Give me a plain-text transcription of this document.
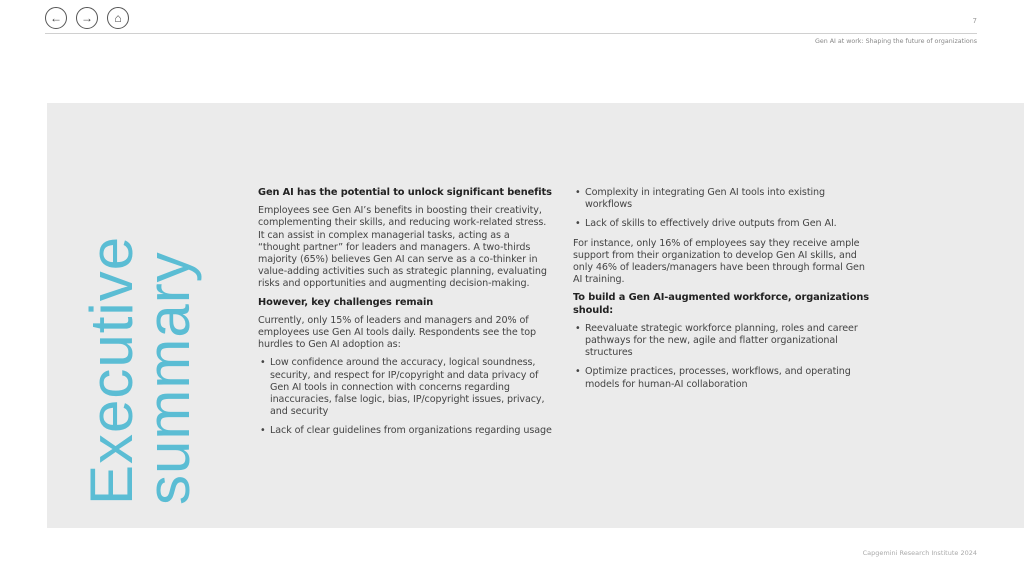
←	→	⌂	7
Gen AI at work: Shaping the future of organizations
Executive
summary
Gen AI has the potential to unlock significant benefits

Employees see Gen AI’s benefits in boosting their creativity, complementing their skills, and reducing work-related stress. It can assist in complex managerial tasks, acting as a “thought partner” for leaders and managers. A two-thirds majority (65%) believes Gen AI can serve as a co-thinker in value-adding activities such as strategic planning, evaluating risks and opportunities and augmenting decision-making.

However, key challenges remain

Currently, only 15% of leaders and managers and 20% of employees use Gen AI tools daily. Respondents see the top hurdles to Gen AI adoption as:

• Low confidence around the accuracy, logical soundness, security, and respect for IP/copyright and data privacy of Gen AI tools in connection with concerns regarding inaccuracies, false logic, bias, IP/copyright issues, privacy, and security
• Lack of clear guidelines from organizations regarding usage
• Complexity in integrating Gen AI tools into existing workflows
• Lack of skills to effectively drive outputs from Gen AI.

For instance, only 16% of employees say they receive ample support from their organization to develop Gen AI skills, and only 46% of leaders/managers have been through formal Gen AI training.

To build a Gen AI-augmented workforce, organizations should:
• Reevaluate strategic workforce planning, roles and career pathways for the new, agile and flatter organizational structures
• Optimize practices, processes, workflows, and operating models for human-AI collaboration
Capgemini Research Institute 2024
